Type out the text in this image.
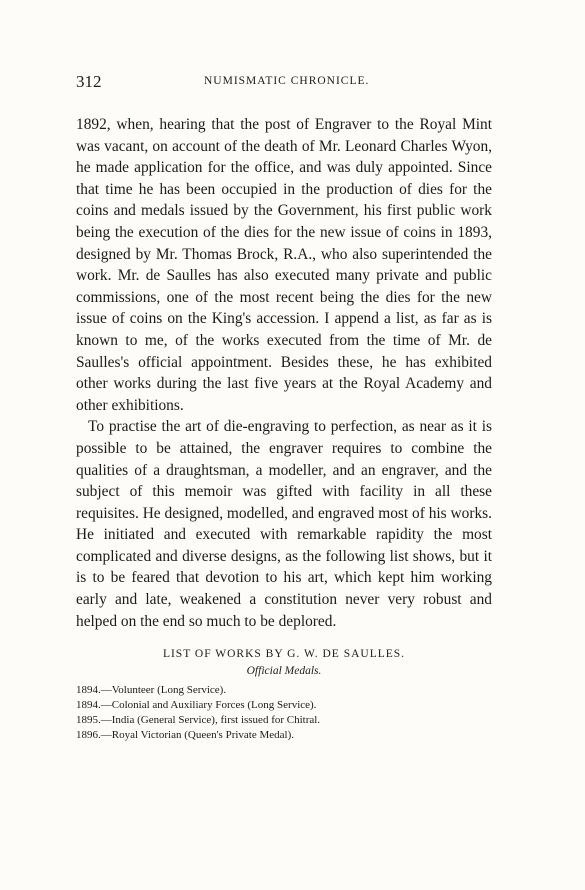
312	NUMISMATIC CHRONICLE.

1892, when, hearing that the post of Engraver to the Royal Mint was vacant, on account of the death of Mr. Leonard Charles Wyon, he made application for the office, and was duly appointed. Since that time he has been occupied in the production of dies for the coins and medals issued by the Government, his first public work being the execution of the dies for the new issue of coins in 1893, designed by Mr. Thomas Brock, R.A., who also superintended the work. Mr. de Saulles has also executed many private and public commissions, one of the most recent being the dies for the new issue of coins on the King's accession. I append a list, as far as is known to me, of the works executed from the time of Mr. de Saulles's official appointment. Besides these, he has exhibited other works during the last five years at the Royal Academy and other exhibitions.

To practise the art of die-engraving to perfection, as near as it is possible to be attained, the engraver requires to combine the qualities of a draughtsman, a modeller, and an engraver, and the subject of this memoir was gifted with facility in all these requisites. He designed, modelled, and engraved most of his works. He initiated and executed with remarkable rapidity the most complicated and diverse designs, as the following list shows, but it is to be feared that devotion to his art, which kept him working early and late, weakened a constitution never very robust and helped on the end so much to be deplored.

LIST OF WORKS BY G. W. DE SAULLES.
Official Medals.
1894.—Volunteer (Long Service).
1894.—Colonial and Auxiliary Forces (Long Service).
1895.—India (General Service), first issued for Chitral.
1896.—Royal Victorian (Queen's Private Medal).
